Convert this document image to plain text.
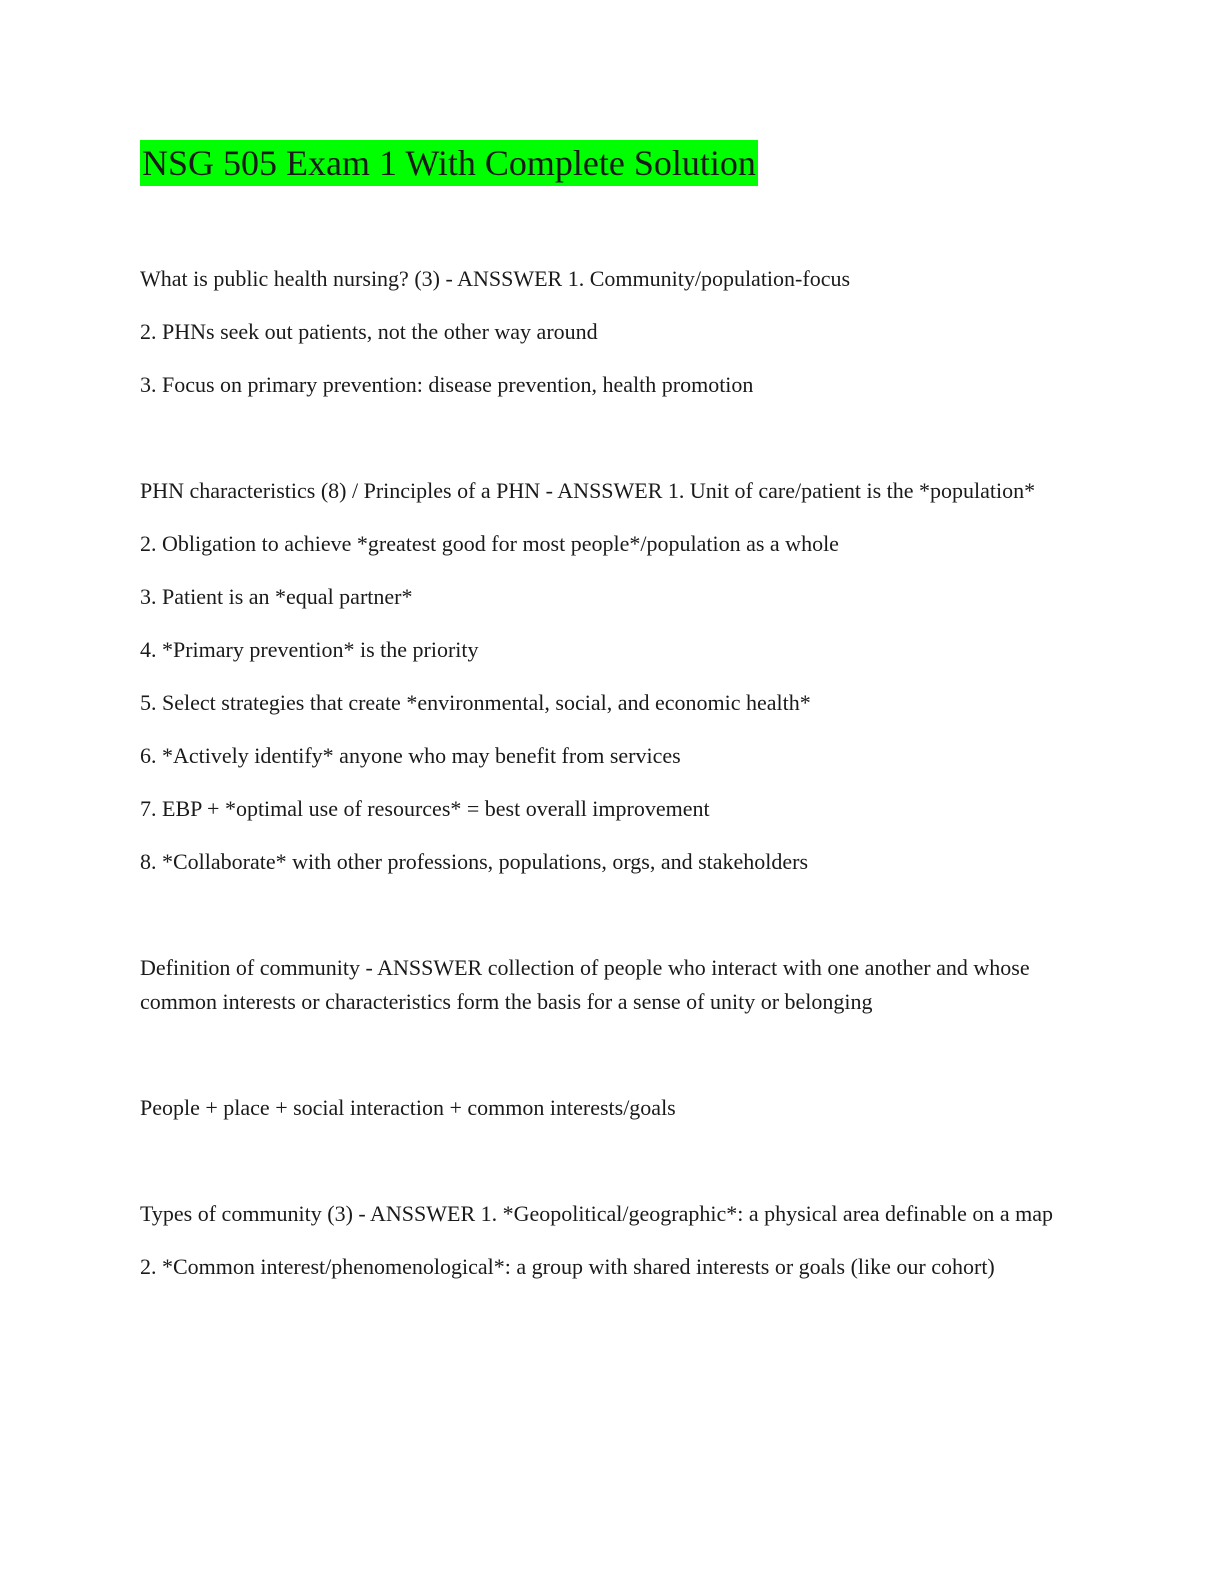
NSG 505 Exam 1 With Complete Solution

What is public health nursing? (3) - ANSSWER 1. Community/population-focus

2. PHNs seek out patients, not the other way around

3. Focus on primary prevention: disease prevention, health promotion

PHN characteristics (8) / Principles of a PHN - ANSSWER 1. Unit of care/patient is the *population*

2. Obligation to achieve *greatest good for most people*/population as a whole

3. Patient is an *equal partner*

4. *Primary prevention* is the priority

5. Select strategies that create *environmental, social, and economic health*

6. *Actively identify* anyone who may benefit from services

7. EBP + *optimal use of resources* = best overall improvement

8. *Collaborate* with other professions, populations, orgs, and stakeholders

Definition of community - ANSSWER collection of people who interact with one another and whose common interests or characteristics form the basis for a sense of unity or belonging

People + place + social interaction + common interests/goals

Types of community (3) - ANSSWER 1. *Geopolitical/geographic*: a physical area definable on a map

2. *Common interest/phenomenological*: a group with shared interests or goals (like our cohort)
